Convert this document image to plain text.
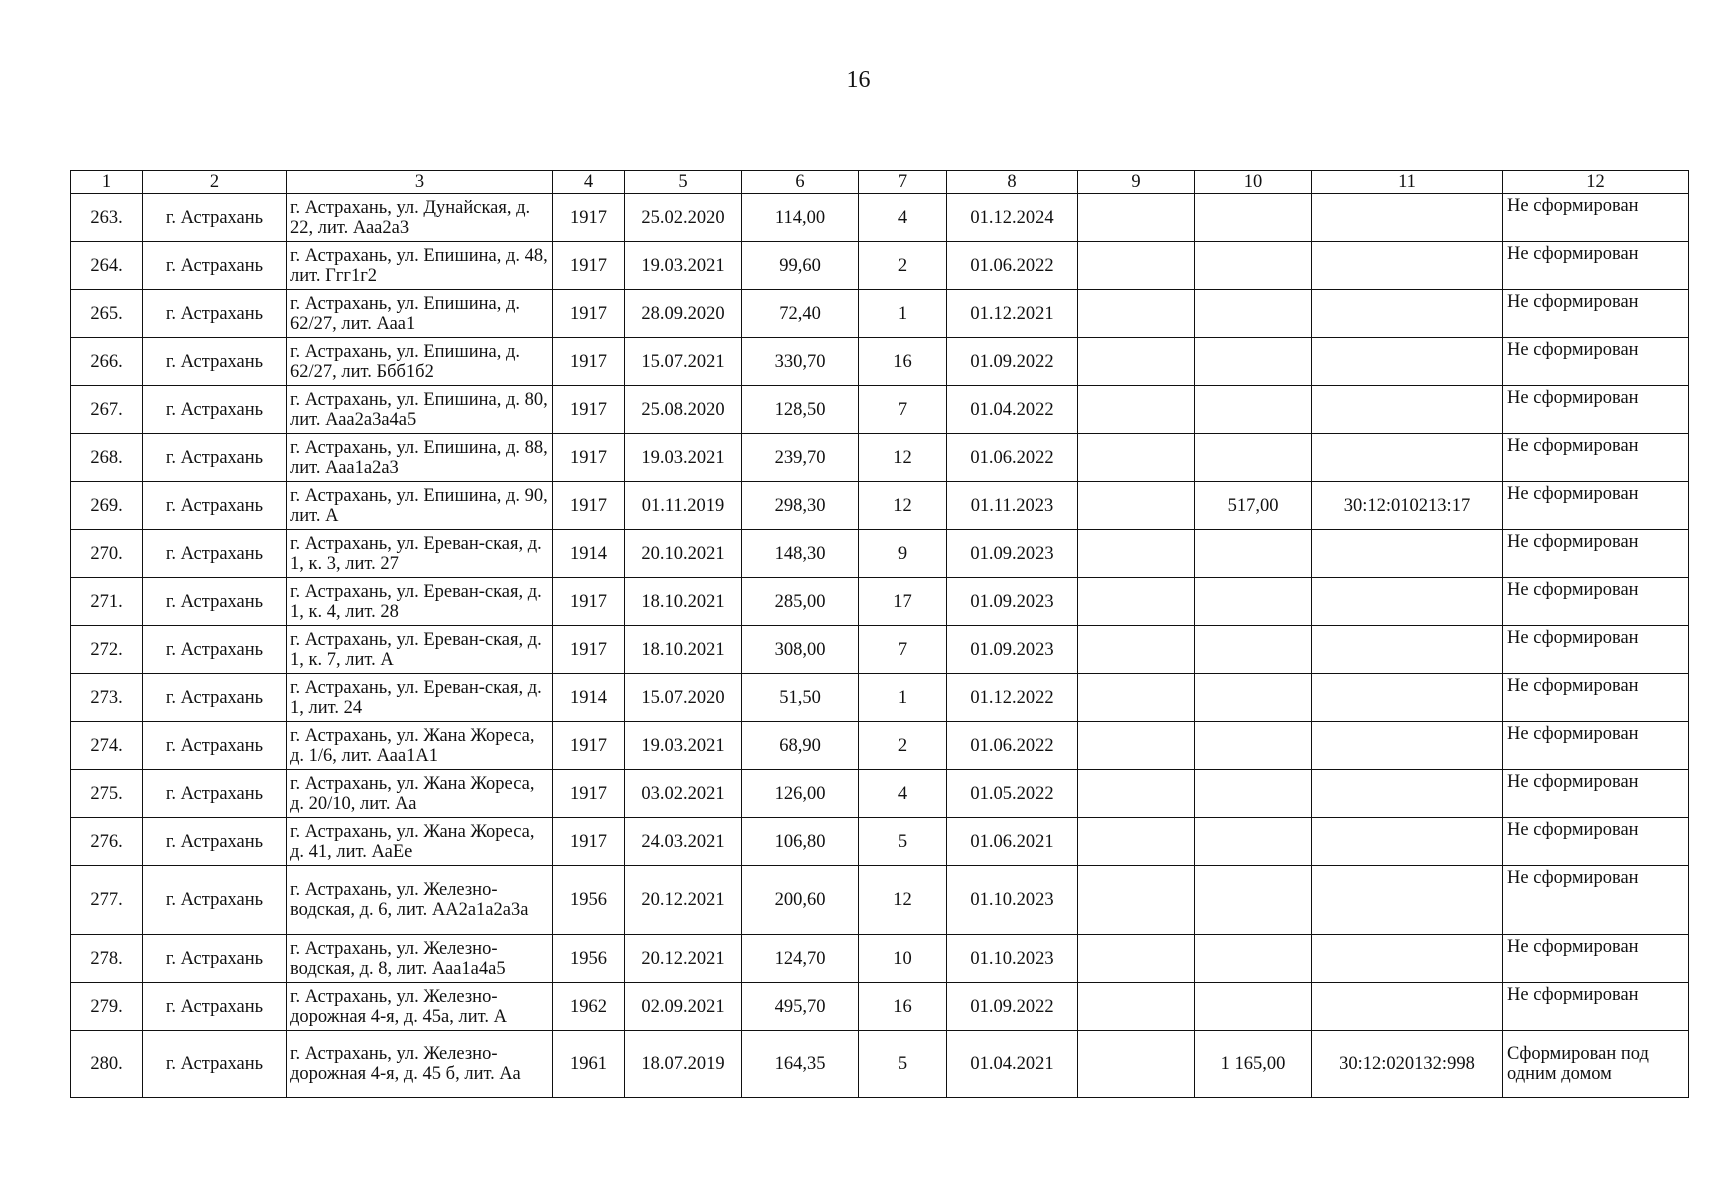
16
1	2	3	4	5	6	7	8	9	10	11	12
263.	г. Астрахань	г. Астрахань, ул. Дунайская, д. 22, лит. Ааа2а3	1917	25.02.2020	114,00	4	01.12.2024				Не сформирован
264.	г. Астрахань	г. Астрахань, ул. Епишина, д. 48, лит. Ггг1г2	1917	19.03.2021	99,60	2	01.06.2022				Не сформирован
265.	г. Астрахань	г. Астрахань, ул. Епишина, д. 62/27, лит. Ааа1	1917	28.09.2020	72,40	1	01.12.2021				Не сформирован
266.	г. Астрахань	г. Астрахань, ул. Епишина, д. 62/27, лит. Ббб1б2	1917	15.07.2021	330,70	16	01.09.2022				Не сформирован
267.	г. Астрахань	г. Астрахань, ул. Епишина, д. 80, лит. Ааа2а3а4а5	1917	25.08.2020	128,50	7	01.04.2022				Не сформирован
268.	г. Астрахань	г. Астрахань, ул. Епишина, д. 88, лит. Ааа1а2а3	1917	19.03.2021	239,70	12	01.06.2022				Не сформирован
269.	г. Астрахань	г. Астрахань, ул. Епишина, д. 90, лит. А	1917	01.11.2019	298,30	12	01.11.2023		517,00	30:12:010213:17	Не сформирован
270.	г. Астрахань	г. Астрахань, ул. Ереван-ская, д. 1, к. 3, лит. 27	1914	20.10.2021	148,30	9	01.09.2023				Не сформирован
271.	г. Астрахань	г. Астрахань, ул. Ереван-ская, д. 1, к. 4, лит. 28	1917	18.10.2021	285,00	17	01.09.2023				Не сформирован
272.	г. Астрахань	г. Астрахань, ул. Ереван-ская, д. 1, к. 7, лит. А	1917	18.10.2021	308,00	7	01.09.2023				Не сформирован
273.	г. Астрахань	г. Астрахань, ул. Ереван-ская, д. 1, лит. 24	1914	15.07.2020	51,50	1	01.12.2022				Не сформирован
274.	г. Астрахань	г. Астрахань, ул. Жана Жореса, д. 1/6, лит. Ааа1А1	1917	19.03.2021	68,90	2	01.06.2022				Не сформирован
275.	г. Астрахань	г. Астрахань, ул. Жана Жореса, д. 20/10, лит. Аа	1917	03.02.2021	126,00	4	01.05.2022				Не сформирован
276.	г. Астрахань	г. Астрахань, ул. Жана Жореса, д. 41, лит. АаЕе	1917	24.03.2021	106,80	5	01.06.2021				Не сформирован
277.	г. Астрахань	г. Астрахань, ул. Железно-водская, д. 6, лит. АА2а1а2а3а	1956	20.12.2021	200,60	12	01.10.2023				Не сформирован
278.	г. Астрахань	г. Астрахань, ул. Железно-водская, д. 8, лит. Ааа1а4а5	1956	20.12.2021	124,70	10	01.10.2023				Не сформирован
279.	г. Астрахань	г. Астрахань, ул. Железно-дорожная 4-я, д. 45а, лит. А	1962	02.09.2021	495,70	16	01.09.2022				Не сформирован
280.	г. Астрахань	г. Астрахань, ул. Железно-дорожная 4-я, д. 45 б, лит. Аа	1961	18.07.2019	164,35	5	01.04.2021		1 165,00	30:12:020132:998	Сформирован под одним домом
